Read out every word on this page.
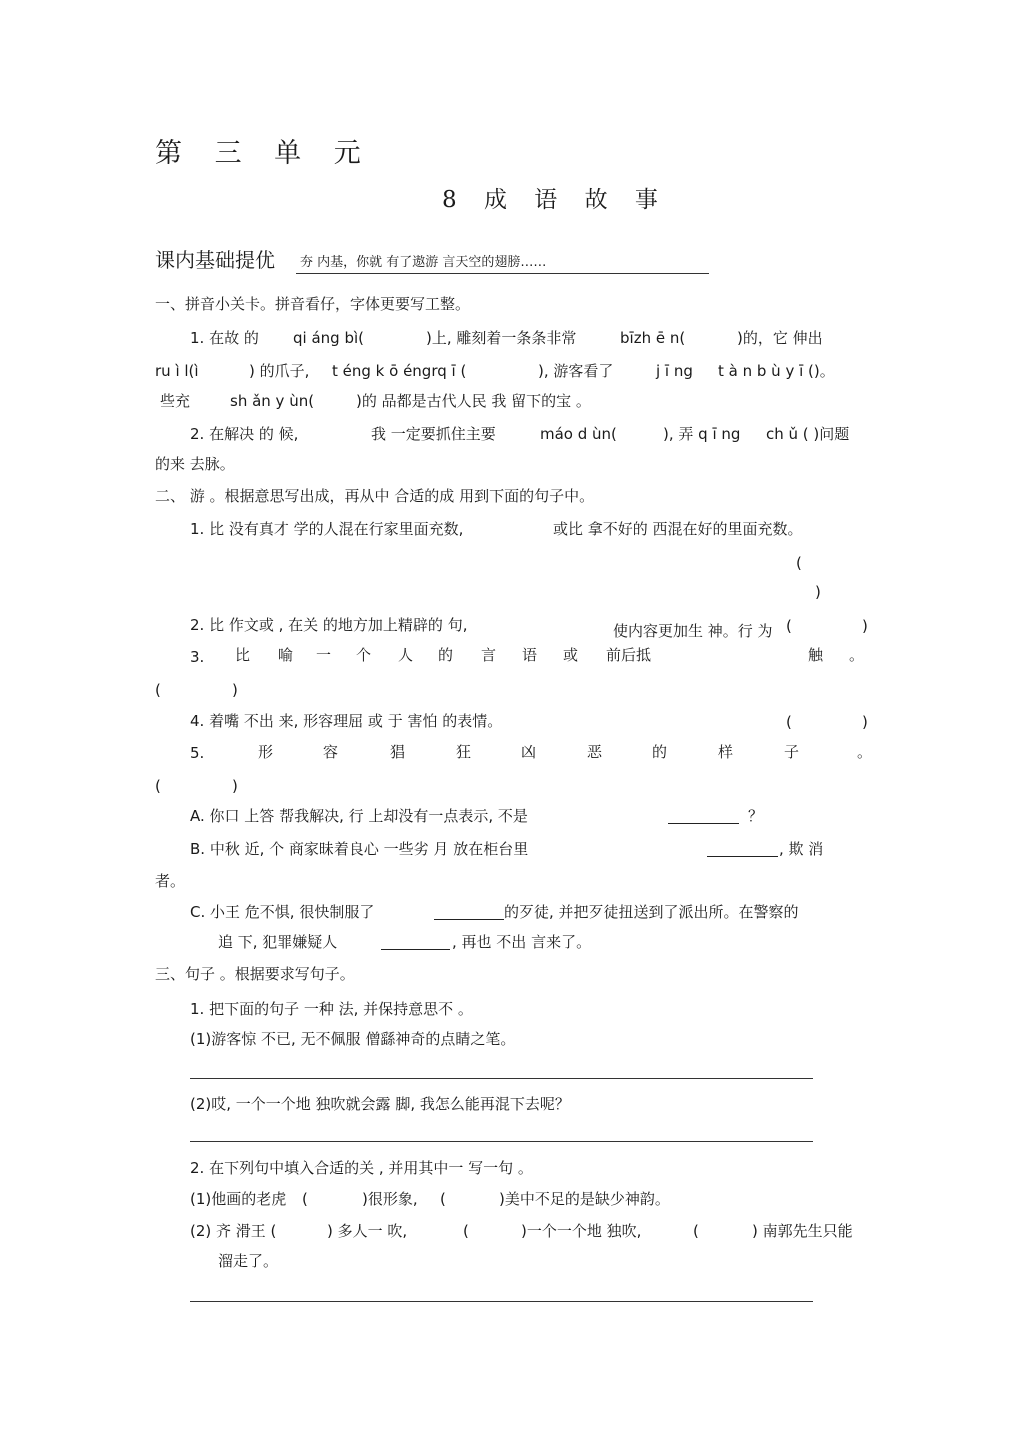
第 三 单 元
8 成 语 故 事
课内基础提优 夯 内基，你就 有了遨游 言天空的翅膀……
一、拼音小关卡。拼音看仔，字体更要写工整。
1. 在故 的 qi áng bì(	)上, 雕刻着一条条非常	bīzh ē n(	)的，它 伸出
ru ì l(ì	) 的爪子, t éng k ō éngrq ī (	), 游客看了	j ī ng t à n b ù y ī ()。
些充	sh ǎn y ùn(	)的 品都是古代人民 我 留下的宝 。
2. 在解决 的 候,	我 一定要抓住主要	máo d ùn(	), 弄 q ī ng ch ǔ ( )问题
的来 去脉。
二、 游 。根据意思写出成，再从中 合适的成 用到下面的句子中。
1. 比 没有真才 学的人混在行家里面充数,	或比 拿不好的 西混在好的里面充数。
(
)
2. 比 作文或 , 在关 的地方加上精辟的 句,	使内容更加生 神。行 为 (	)
3. 比 喻 一 个 人 的 言 语 或 前后抵	触 。
(	)
4. 着嘴 不出 来, 形容理屈 或 于 害怕 的表情。	(	)
5.	形	容	猖	狂	凶	恶	的	样	子	。
(	)
A. 你口 上答 帮我解决, 行 上却没有一点表示, 不是	？
B. 中秋 近, 个 商家昧着良心 一些劣 月 放在柜台里	, 欺 消
者。
C. 小王 危不惧, 很快制服了	的歹徒, 并把歹徒扭送到了派出所。在警察的
追 下, 犯罪嫌疑人	, 再也 不出 言来了。
三、句子 。根据要求写句子。
1. 把下面的句子 一种 法, 并保持意思不 。
(1)游客惊 不已, 无不佩服 僧繇神奇的点睛之笔。
(2)哎, 一个一个地 独吹就会露 脚, 我怎么能再混下去呢？
2. 在下列句中填入合适的关 , 并用其中一 写一句 。
(1)他画的老虎 (	)很形象, (	)美中不足的是缺少神韵。
(2) 齐 滑王 (	) 多人一 吹,	(	)一个一个地 独吹,	(	) 南郭先生只能
溜走了。
